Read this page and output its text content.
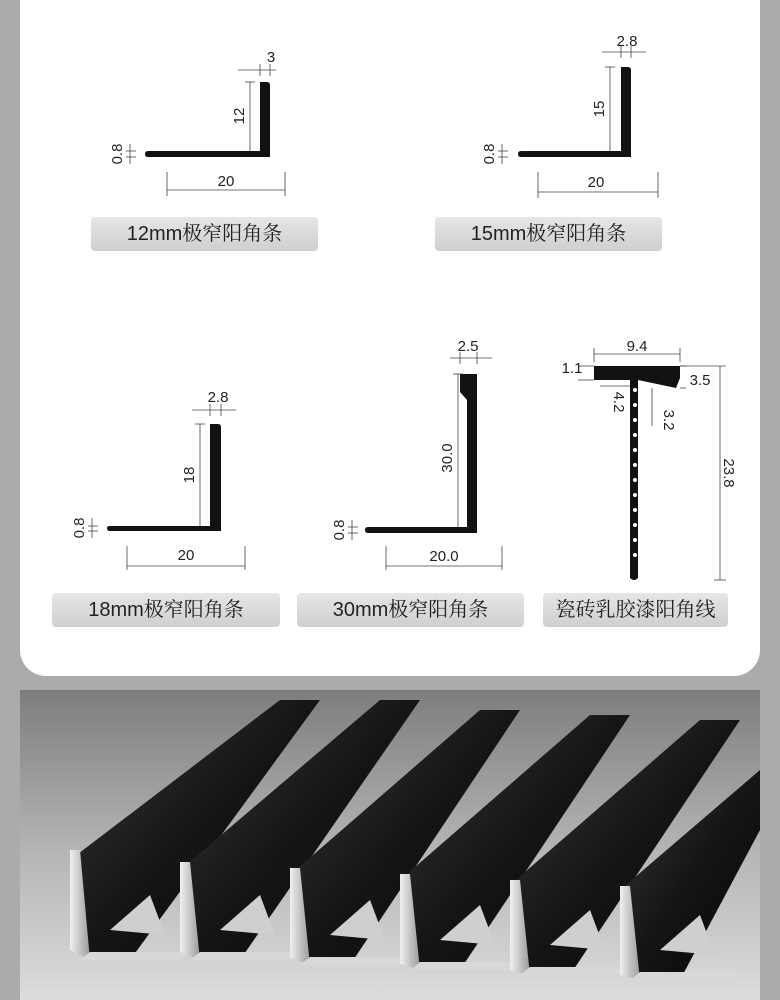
3
12
0.8
20
12mm极窄阳角条
2.8
15
0.8
20
15mm极窄阳角条
2.8
18
0.8
20
18mm极窄阳角条
2.5
30.0
0.8
20.0
30mm极窄阳角条
9.4
1.1
3.5
4.2
3.2
23.8
瓷砖乳胶漆阳角线
